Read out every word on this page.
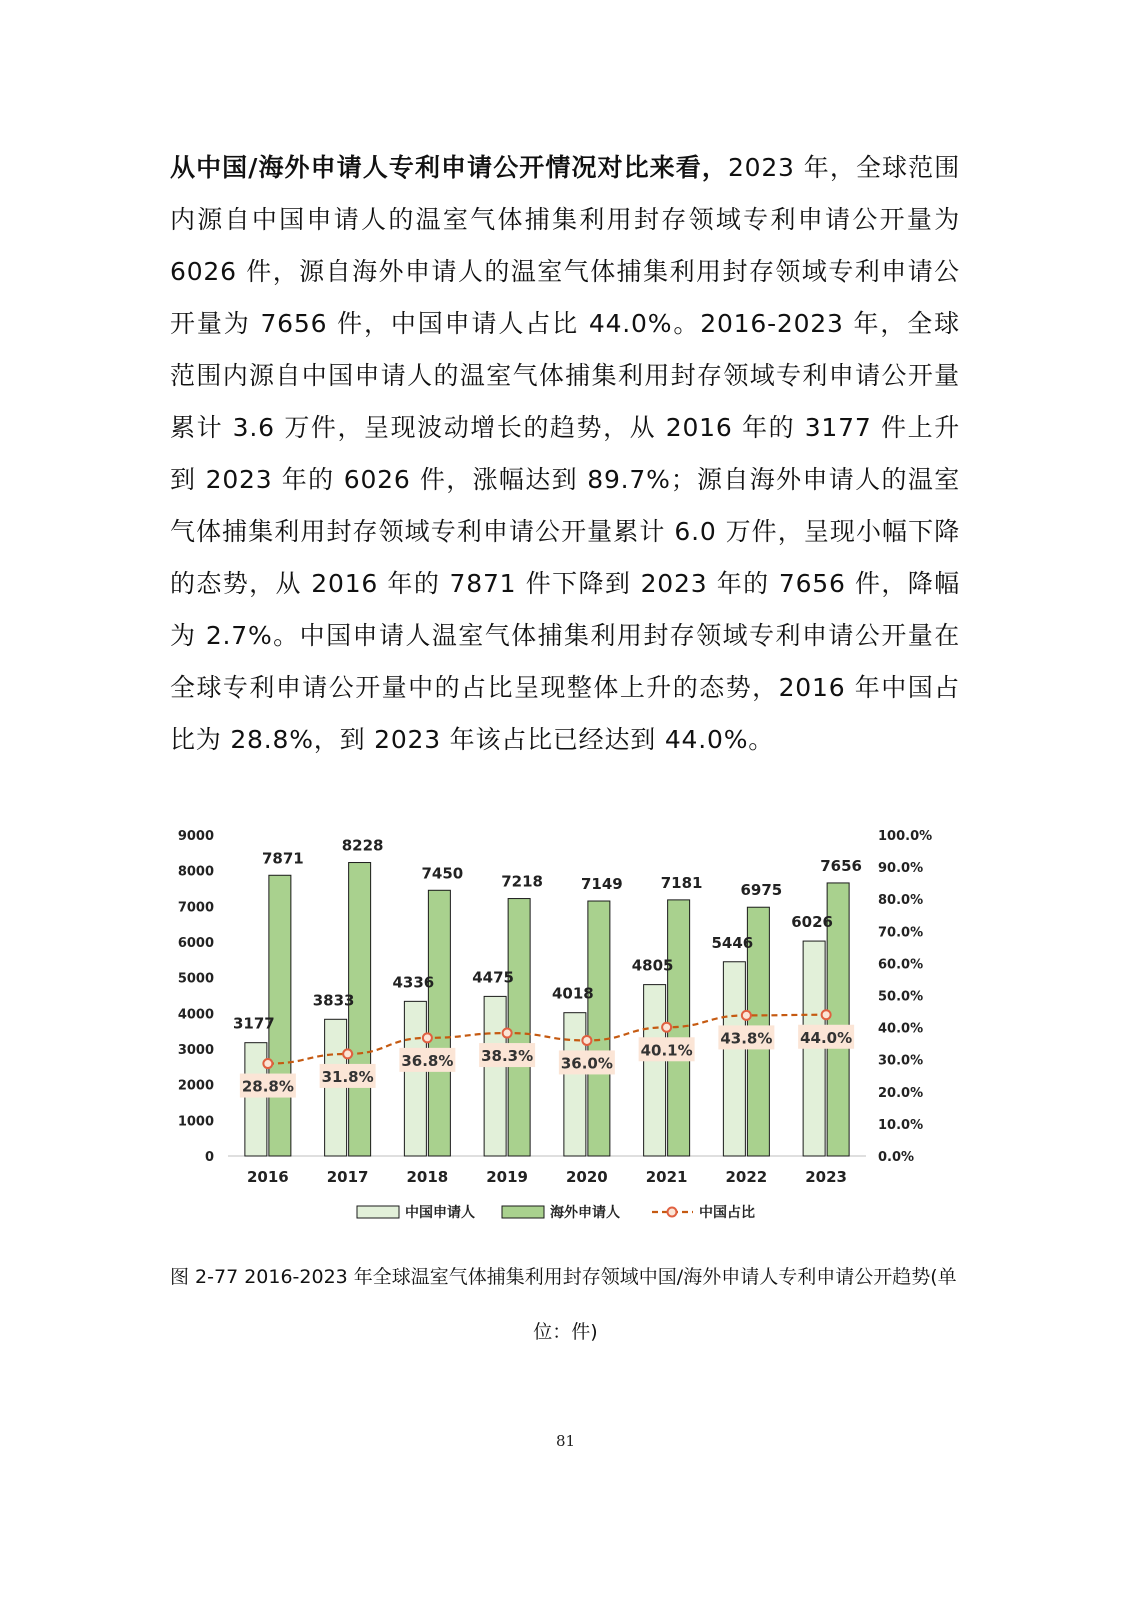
从中国/海外申请人专利申请公开情况对比来看，2023 年，全球范围内源自中国申请人的温室气体捕集利用封存领域专利申请公开量为 6026 件，源自海外申请人的温室气体捕集利用封存领域专利申请公开量为 7656 件，中国申请人占比 44.0%。2016-2023 年，全球范围内源自中国申请人的温室气体捕集利用封存领域专利申请公开量累计 3.6 万件，呈现波动增长的趋势，从 2016 年的 3177 件上升到 2023 年的 6026 件，涨幅达到 89.7%；源自海外申请人的温室气体捕集利用封存领域专利申请公开量累计 6.0 万件，呈现小幅下降的态势，从 2016 年的 7871 件下降到 2023 年的 7656 件，降幅为 2.7%。中国申请人温室气体捕集利用封存领域专利申请公开量在全球专利申请公开量中的占比呈现整体上升的态势，2016 年中国占比为 28.8%，到 2023 年该占比已经达到 44.0%。

0
1000
2000
3000
4000
5000
6000
7000
8000
9000
0.0%
10.0%
20.0%
30.0%
40.0%
50.0%
60.0%
70.0%
80.0%
90.0%
100.0%
2016	2017	2018	2019	2020	2021	2022	2023
3177
7871
3833
8228
4336
7450
4475
7218
4018
7149
4805
7181
5446
6975
6026
7656
28.8%
31.8%
36.8% 38.3% 36.0%
40.1%
43.8% 44.0%
中国申请人	海外申请人	中国占比

图 2-77 2016-2023 年全球温室气体捕集利用封存领域中国/海外申请人专利申请公开趋势(单

位：件)

81
